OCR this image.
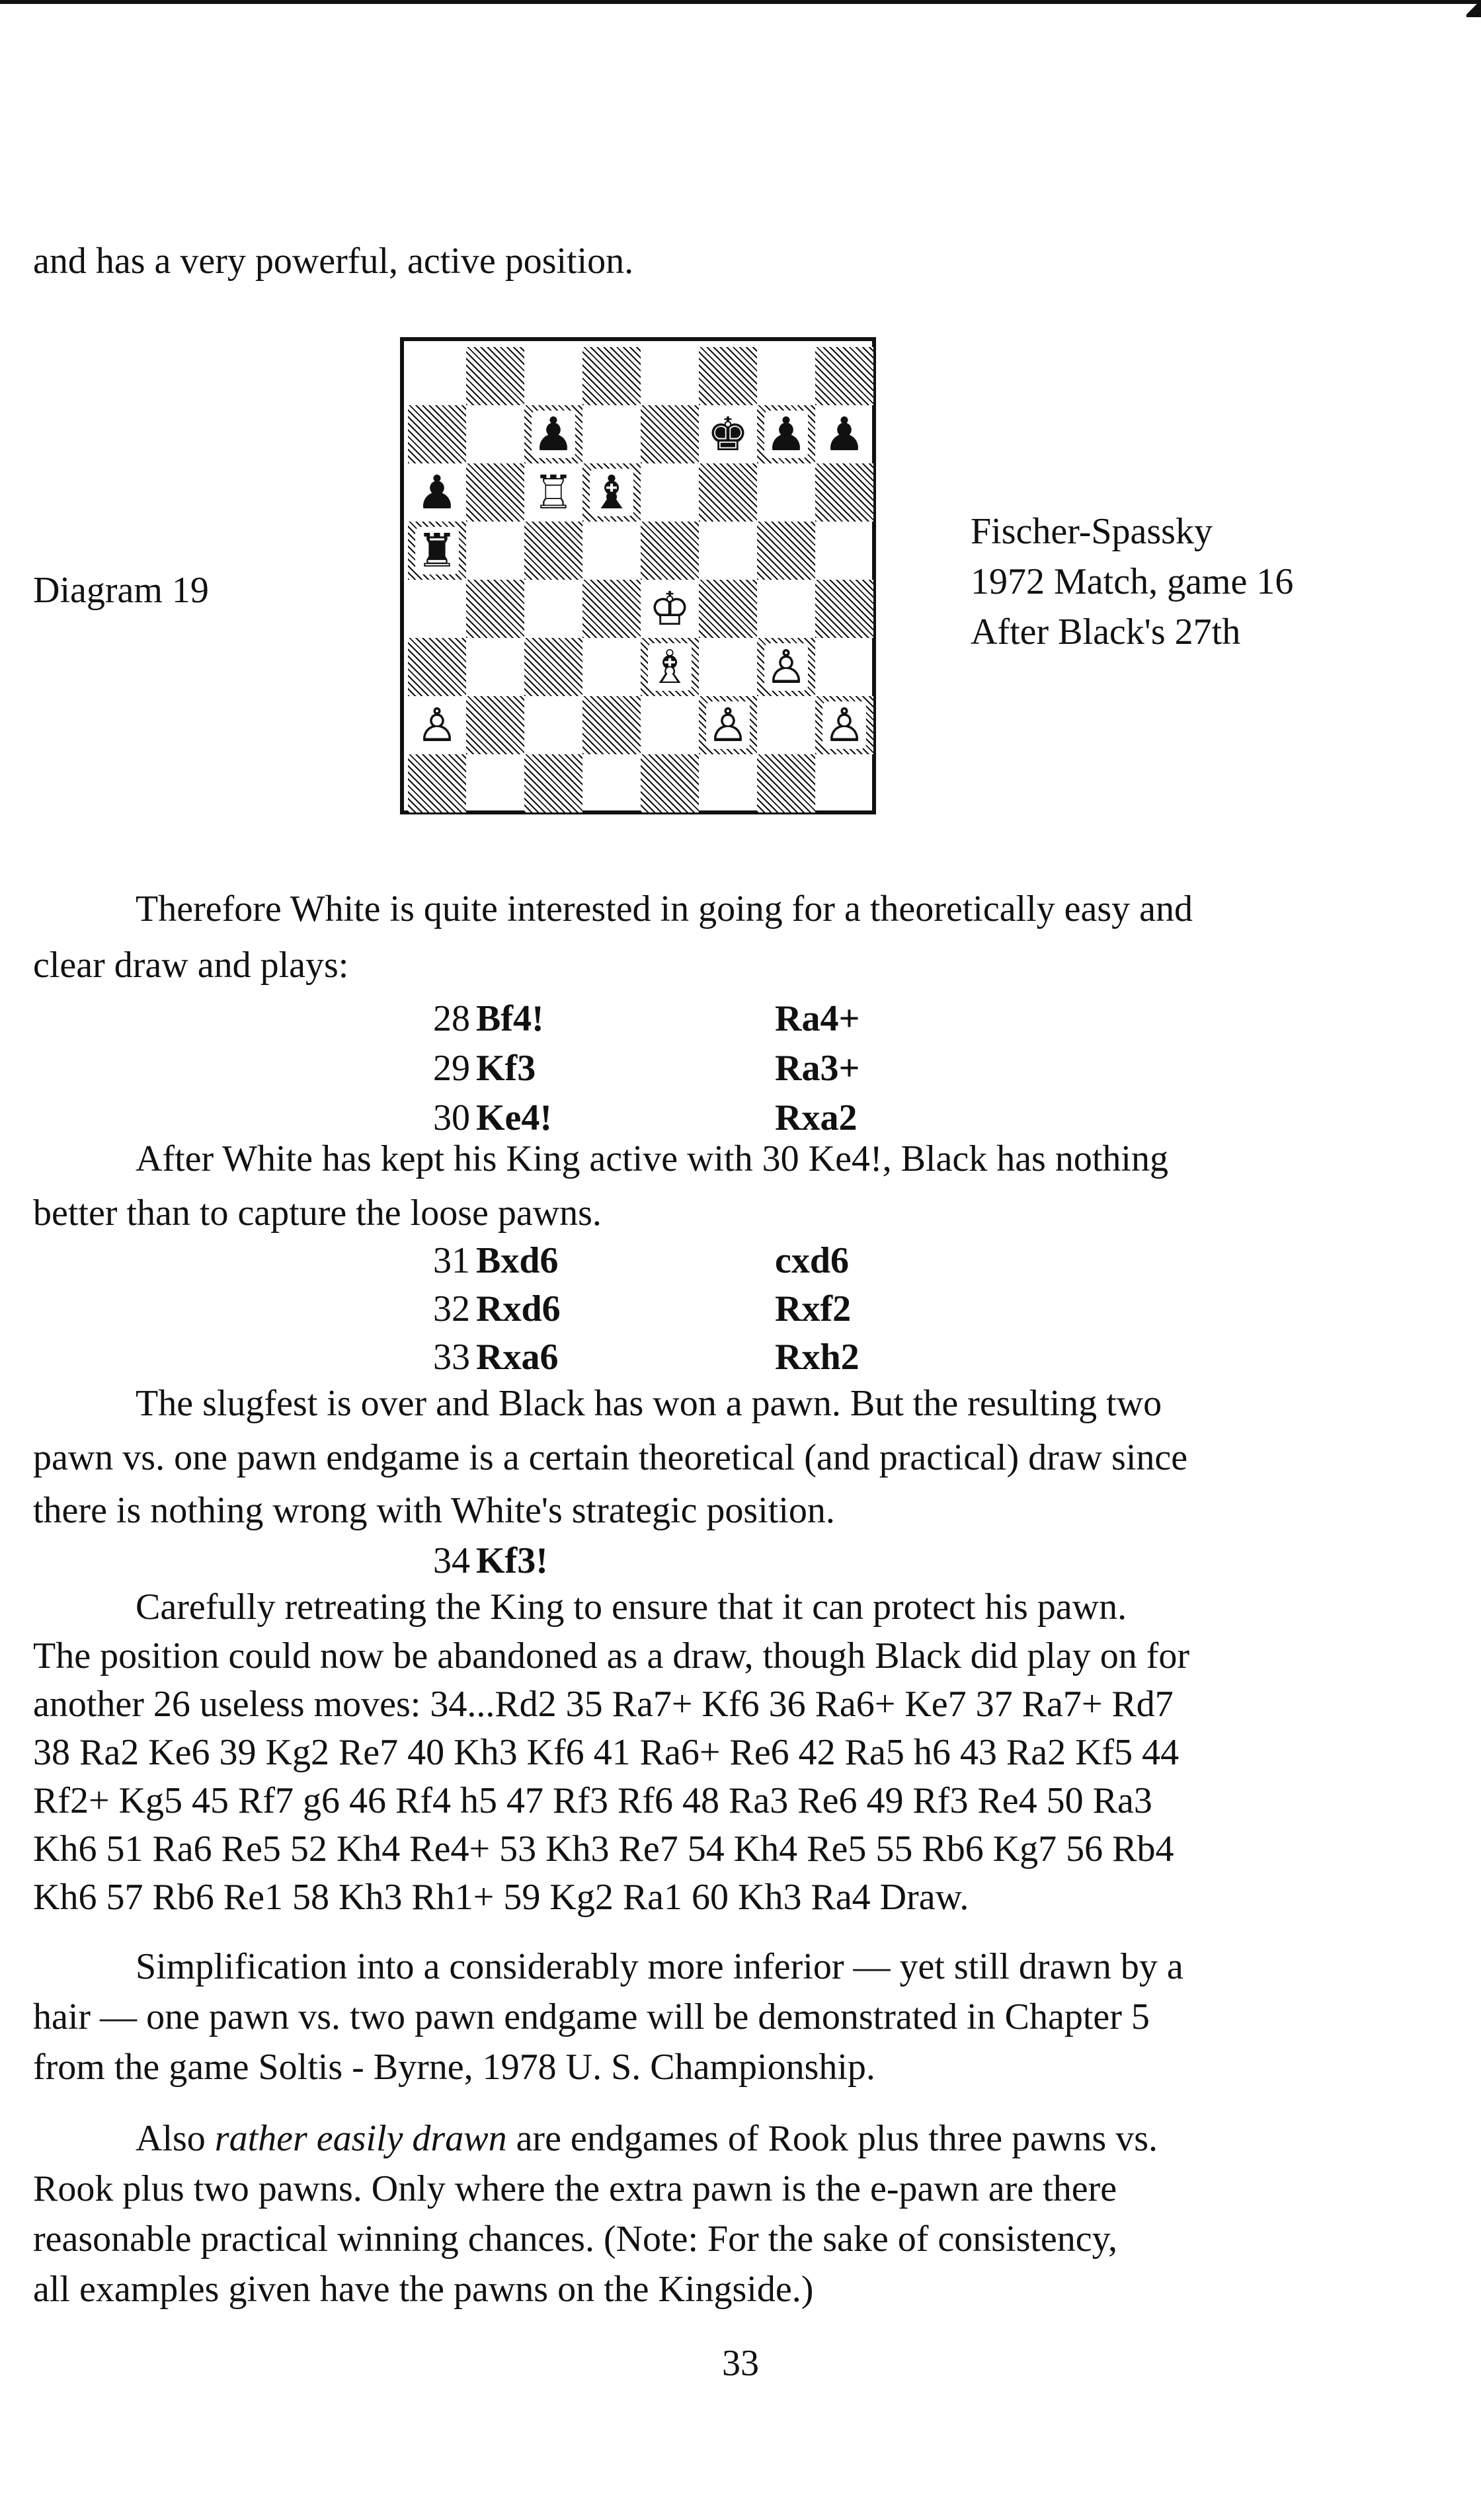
and has a very powerful, active position.
Diagram 19
♟	♚ ♟ ♟
♟ ♖ ♝
♜
♔
♗ ♙
♙	♙ ♙
Fischer-Spassky
1972 Match, game 16
After Black's 27th
Therefore White is quite interested in going for a theoretically easy and
clear draw and plays:
28 Bf4!	Ra4+
29 Kf3	Ra3+
30 Ke4!	Rxa2
After White has kept his King active with 30 Ke4!, Black has nothing
better than to capture the loose pawns.
31 Bxd6	cxd6
32 Rxd6	Rxf2
33 Rxa6	Rxh2
The slugfest is over and Black has won a pawn. But the resulting two
pawn vs. one pawn endgame is a certain theoretical (and practical) draw since
there is nothing wrong with White's strategic position.
34 Kf3!
Carefully retreating the King to ensure that it can protect his pawn.
The position could now be abandoned as a draw, though Black did play on for
another 26 useless moves: 34...Rd2 35 Ra7+ Kf6 36 Ra6+ Ke7 37 Ra7+ Rd7
38 Ra2 Ke6 39 Kg2 Re7 40 Kh3 Kf6 41 Ra6+ Re6 42 Ra5 h6 43 Ra2 Kf5 44
Rf2+ Kg5 45 Rf7 g6 46 Rf4 h5 47 Rf3 Rf6 48 Ra3 Re6 49 Rf3 Re4 50 Ra3
Kh6 51 Ra6 Re5 52 Kh4 Re4+ 53 Kh3 Re7 54 Kh4 Re5 55 Rb6 Kg7 56 Rb4
Kh6 57 Rb6 Re1 58 Kh3 Rh1+ 59 Kg2 Ra1 60 Kh3 Ra4 Draw.
Simplification into a considerably more inferior — yet still drawn by a
hair — one pawn vs. two pawn endgame will be demonstrated in Chapter 5
from the game Soltis - Byrne, 1978 U. S. Championship.
Also rather easily drawn are endgames of Rook plus three pawns vs.
Rook plus two pawns. Only where the extra pawn is the e-pawn are there
reasonable practical winning chances. (Note: For the sake of consistency,
all examples given have the pawns on the Kingside.)
33
